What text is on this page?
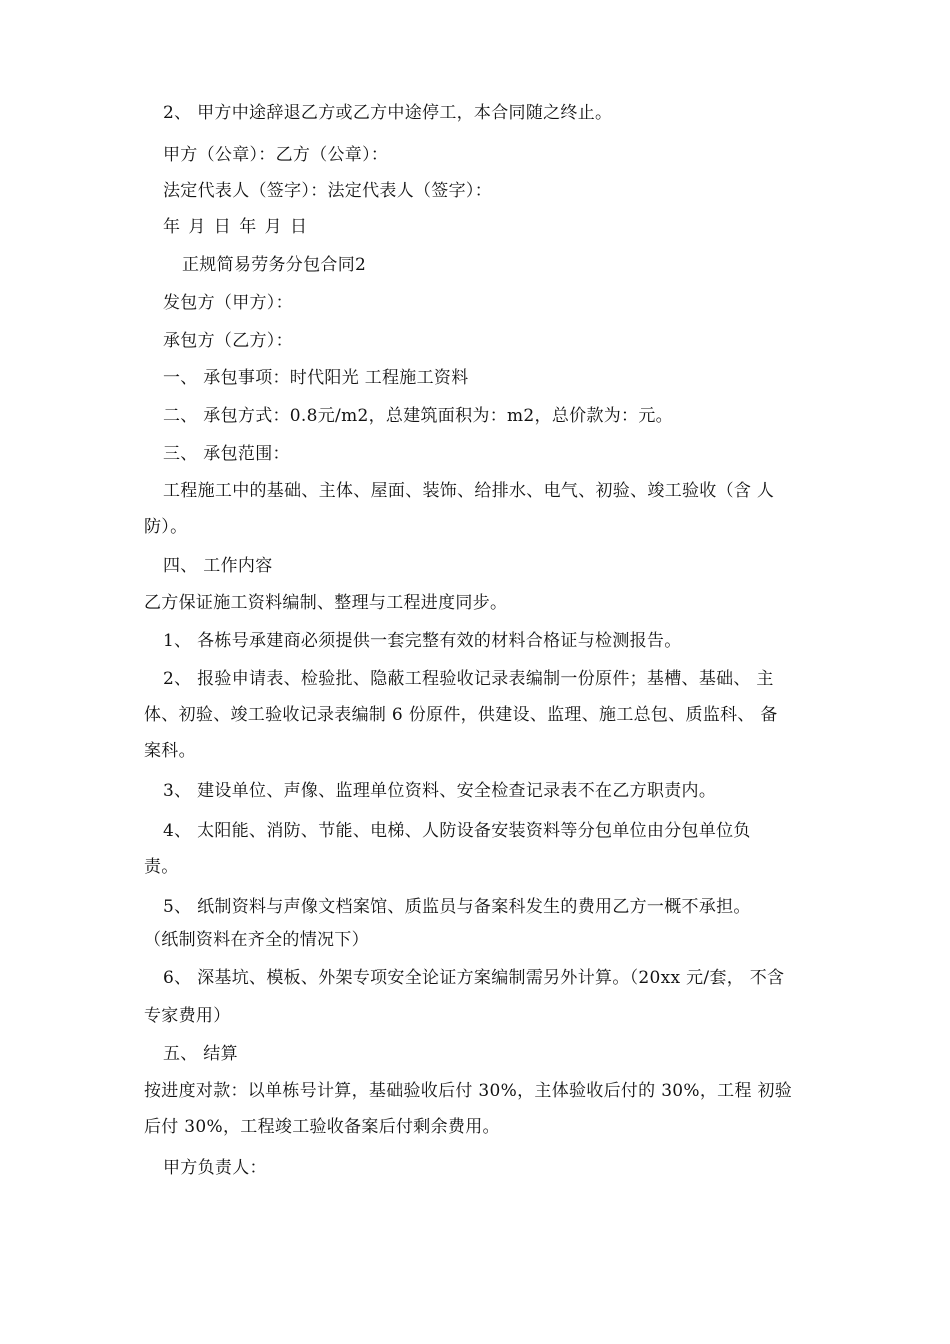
2、 甲方中途辞退乙方或乙方中途停工，本合同随之终止。
甲方（公章）：乙方（公章）：
法定代表人（签字）：法定代表人（签字）：
年 月 日 年 月 日
正规简易劳务分包合同2
发包方（甲方）：
承包方（乙方）：
一、 承包事项：时代阳光 工程施工资料
二、 承包方式：0.8元/m2，总建筑面积为：m2，总价款为：元。
三、 承包范围：
工程施工中的基础、主体、屋面、装饰、给排水、电气、初验、竣工验收（含 人
防）。
四、 工作内容
乙方保证施工资料编制、整理与工程进度同步。
1、 各栋号承建商必须提供一套完整有效的材料合格证与检测报告。
2、 报验申请表、检验批、隐蔽工程验收记录表编制一份原件；基槽、基础、 主
体、初验、竣工验收记录表编制 6 份原件，供建设、监理、施工总包、质监科、 备
案科。
3、 建设单位、声像、监理单位资料、安全检查记录表不在乙方职责内。
4、 太阳能、消防、节能、电梯、人防设备安装资料等分包单位由分包单位负
责。
5、 纸制资料与声像文档案馆、质监员与备案科发生的费用乙方一概不承担。
（纸制资料在齐全的情况下）
6、 深基坑、模板、外架专项安全论证方案编制需另外计算。（20xx 元/套， 不含
专家费用）
五、 结算
按进度对款：以单栋号计算，基础验收后付 30%，主体验收后付的 30%，工程 初验
后付 30%，工程竣工验收备案后付剩余费用。
甲方负责人：
